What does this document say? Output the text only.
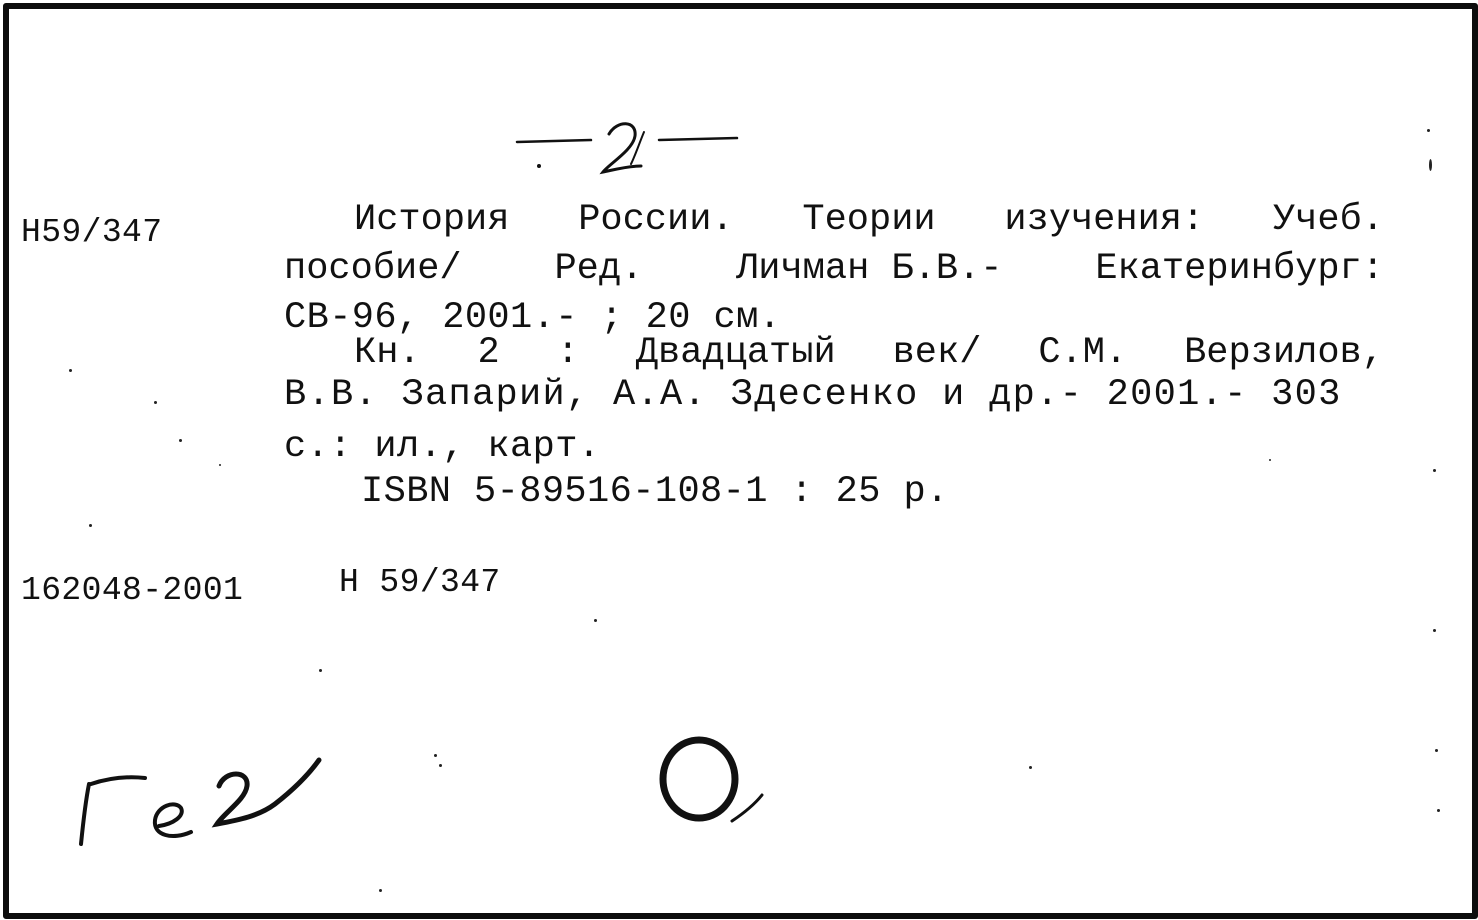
Н59/347	История России. Теории изучения: Учеб.
пособие/	Ред.	Личман Б.В.-	Екатеринбург:
СВ-96, 2001.- ; 20 см.
Кн. 2 : Двадцатый век/ С.М. Верзилов,
В.В. Запарий, А.А. Здесенко и др.- 2001.- 303
с.: ил., карт.
ISBN 5-89516-108-1 : 25 р.
162048-2001	Н 59/347
